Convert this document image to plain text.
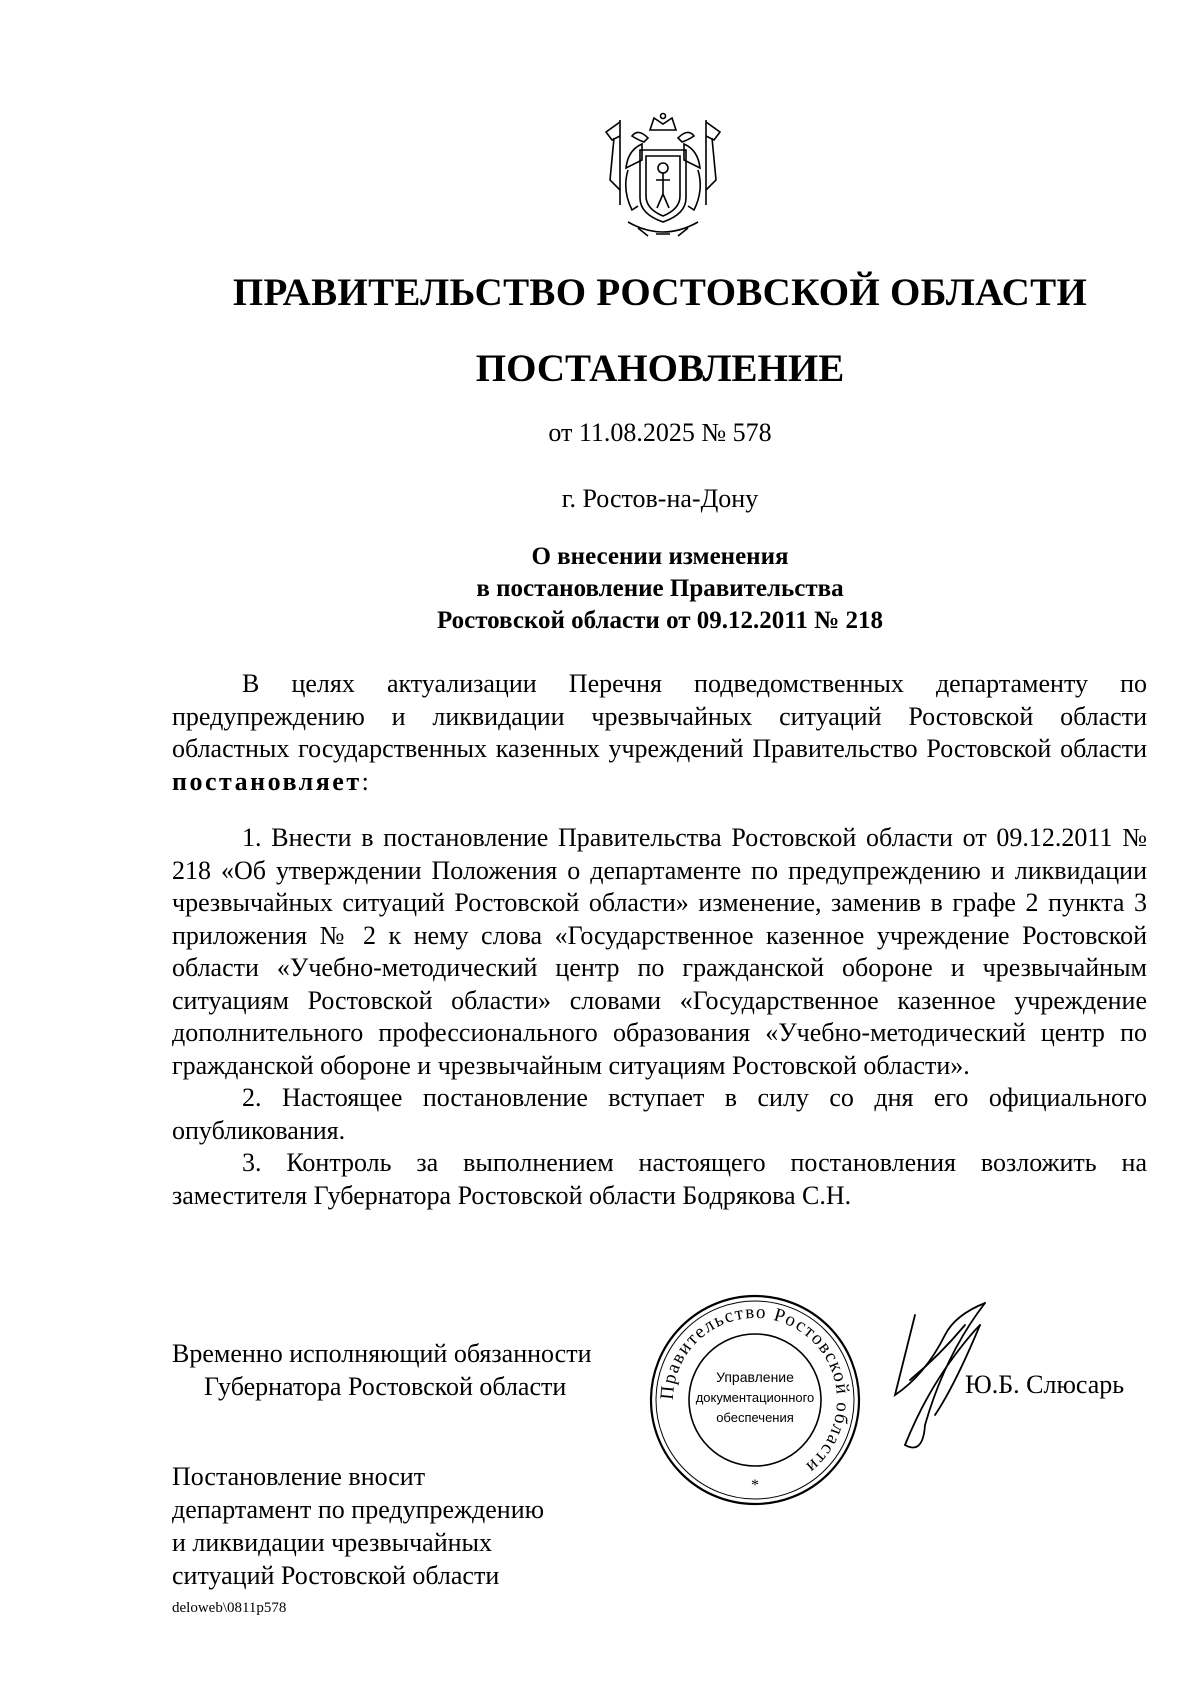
ПРАВИТЕЛЬСТВО РОСТОВСКОЙ ОБЛАСТИ
ПОСТАНОВЛЕНИЕ
от 11.08.2025 № 578
г. Ростов-на-Дону
О внесении изменения
в постановление Правительства
Ростовской области от 09.12.2011 № 218

В целях актуализации Перечня подведомственных департаменту по предупреждению и ликвидации чрезвычайных ситуаций Ростовской области областных государственных казенных учреждений Правительство Ростовской области постановляет:

1. Внести в постановление Правительства Ростовской области от 09.12.2011 № 218 «Об утверждении Положения о департаменте по предупреждению и ликвидации чрезвычайных ситуаций Ростовской области» изменение, заменив в графе 2 пункта 3 приложения № 2 к нему слова «Государственное казенное учреждение Ростовской области «Учебно-методический центр по гражданской обороне и чрезвычайным ситуациям Ростовской области» словами «Государственное казенное учреждение дополнительного профессионального образования «Учебно-методический центр по гражданской обороне и чрезвычайным ситуациям Ростовской области».

2. Настоящее постановление вступает в силу со дня его официального опубликования.

3. Контроль за выполнением настоящего постановления возложить на заместителя Губернатора Ростовской области Бодрякова С.Н.

Временно исполняющий обязанности
Губернатора Ростовской области	Правительство Ростовской области
Управление
документационного
обеспечения
*
Ю.Б. Слюсарь
Постановление вносит
департамент по предупреждению
и ликвидации чрезвычайных
ситуаций Ростовской области
deloweb\0811p578
